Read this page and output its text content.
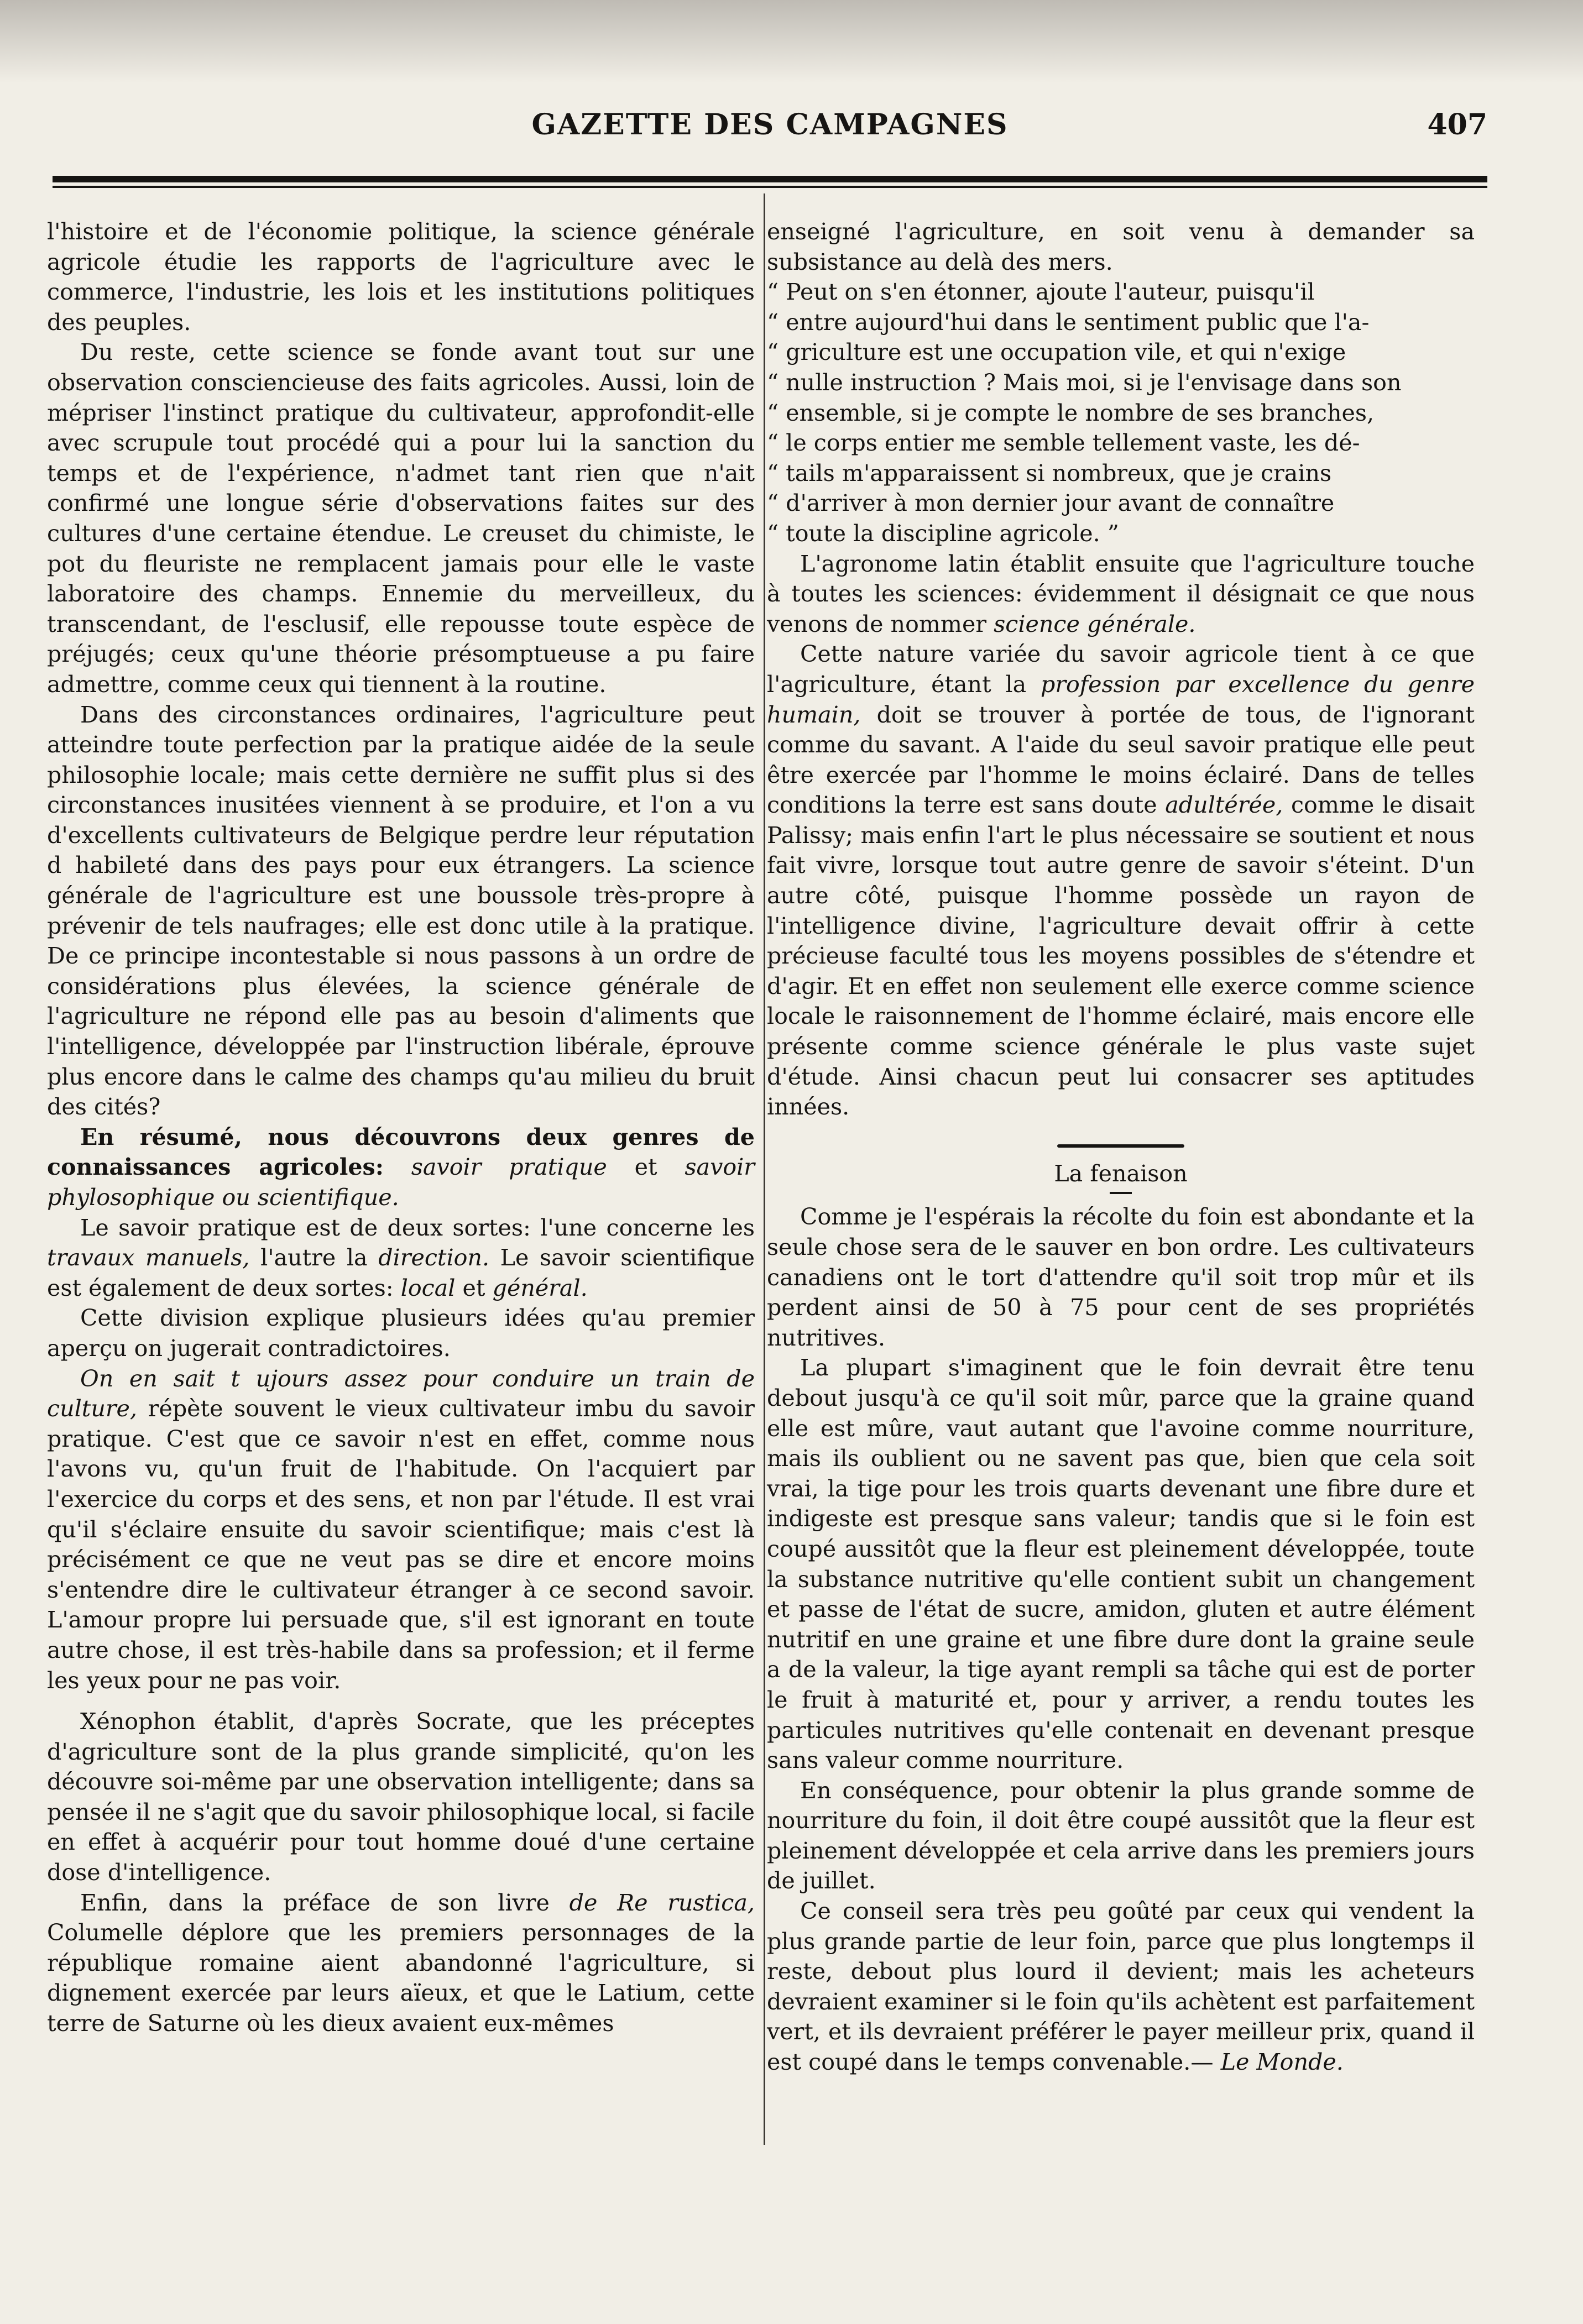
GAZETTE DES CAMPAGNES	407

l'histoire et de l'économie politique, la science générale agricole étudie les rapports de l'agriculture avec le commerce, l'industrie, les lois et les institutions politiques des peuples.

Du reste, cette science se fonde avant tout sur une observation consciencieuse des faits agricoles. Aussi, loin de mépriser l'instinct pratique du cultivateur, approfondit-elle avec scrupule tout procédé qui a pour lui la sanction du temps et de l'expérience, n'admet tant rien que n'ait confirmé une longue série d'observations faites sur des cultures d'une certaine étendue. Le creuset du chimiste, le pot du fleuriste ne remplacent jamais pour elle le vaste laboratoire des champs. Ennemie du merveilleux, du transcendant, de l'esclusif, elle repousse toute espèce de préjugés; ceux qu'une théorie présomptueuse a pu faire admettre, comme ceux qui tiennent à la routine.

Dans des circonstances ordinaires, l'agriculture peut atteindre toute perfection par la pratique aidée de la seule philosophie locale; mais cette dernière ne suffit plus si des circonstances inusitées viennent à se produire, et l'on a vu d'excellents cultivateurs de Belgique perdre leur réputation d habileté dans des pays pour eux étrangers. La science générale de l'agriculture est une boussole très-propre à prévenir de tels naufrages; elle est donc utile à la pratique. De ce principe incontestable si nous passons à un ordre de considérations plus élevées, la science générale de l'agriculture ne répond elle pas au besoin d'aliments que l'intelligence, développée par l'instruction libérale, éprouve plus encore dans le calme des champs qu'au milieu du bruit des cités?

En résumé, nous découvrons deux genres de connaissances agricoles: savoir pratique et savoir phylosophique ou scientifique.

Le savoir pratique est de deux sortes: l'une concerne les travaux manuels, l'autre la direction. Le savoir scientifique est également de deux sortes: local et général.

Cette division explique plusieurs idées qu'au premier aperçu on jugerait contradictoires.

On en sait t ujours assez pour conduire un train de culture, répète souvent le vieux cultivateur imbu du savoir pratique. C'est que ce savoir n'est en effet, comme nous l'avons vu, qu'un fruit de l'habitude. On l'acquiert par l'exercice du corps et des sens, et non par l'étude. Il est vrai qu'il s'éclaire ensuite du savoir scientifique; mais c'est là précisément ce que ne veut pas se dire et encore moins s'entendre dire le cultivateur étranger à ce second savoir. L'amour propre lui persuade que, s'il est ignorant en toute autre chose, il est très-habile dans sa profession; et il ferme les yeux pour ne pas voir.

Xénophon établit, d'après Socrate, que les préceptes d'agriculture sont de la plus grande simplicité, qu'on les découvre soi-même par une observation intelligente; dans sa pensée il ne s'agit que du savoir philosophique local, si facile en effet à acquérir pour tout homme doué d'une certaine dose d'intelligence.

Enfin, dans la préface de son livre de Re rustica, Columelle déplore que les premiers personnages de la république romaine aient abandonné l'agriculture, si dignement exercée par leurs aïeux, et que le Latium, cette terre de Saturne où les dieux avaient eux-mêmes

enseigné l'agriculture, en soit venu à demander sa subsistance au delà des mers.

“ Peut on s'en étonner, ajoute l'auteur, puisqu'il
“ entre aujourd'hui dans le sentiment public que l'a-
“ griculture est une occupation vile, et qui n'exige
“ nulle instruction ? Mais moi, si je l'envisage dans son
“ ensemble, si je compte le nombre de ses branches,
“ le corps entier me semble tellement vaste, les dé-
“ tails m'apparaissent si nombreux, que je crains
“ d'arriver à mon dernier jour avant de connaître
“ toute la discipline agricole. ”

L'agronome latin établit ensuite que l'agriculture touche à toutes les sciences: évidemment il désignait ce que nous venons de nommer science générale.

Cette nature variée du savoir agricole tient à ce que l'agriculture, étant la profession par excellence du genre humain, doit se trouver à portée de tous, de l'ignorant comme du savant. A l'aide du seul savoir pratique elle peut être exercée par l'homme le moins éclairé. Dans de telles conditions la terre est sans doute adultérée, comme le disait Palissy; mais enfin l'art le plus nécessaire se soutient et nous fait vivre, lorsque tout autre genre de savoir s'éteint. D'un autre côté, puisque l'homme possède un rayon de l'intelligence divine, l'agriculture devait offrir à cette précieuse faculté tous les moyens possibles de s'étendre et d'agir. Et en effet non seulement elle exerce comme science locale le raisonnement de l'homme éclairé, mais encore elle présente comme science générale le plus vaste sujet d'étude. Ainsi chacun peut lui consacrer ses aptitudes innées.

La fenaison

Comme je l'espérais la récolte du foin est abondante et la seule chose sera de le sauver en bon ordre. Les cultivateurs canadiens ont le tort d'attendre qu'il soit trop mûr et ils perdent ainsi de 50 à 75 pour cent de ses propriétés nutritives.

La plupart s'imaginent que le foin devrait être tenu debout jusqu'à ce qu'il soit mûr, parce que la graine quand elle est mûre, vaut autant que l'avoine comme nourriture, mais ils oublient ou ne savent pas que, bien que cela soit vrai, la tige pour les trois quarts devenant une fibre dure et indigeste est presque sans valeur; tandis que si le foin est coupé aussitôt que la fleur est pleinement développée, toute la substance nutritive qu'elle contient subit un changement et passe de l'état de sucre, amidon, gluten et autre élément nutritif en une graine et une fibre dure dont la graine seule a de la valeur, la tige ayant rempli sa tâche qui est de porter le fruit à maturité et, pour y arriver, a rendu toutes les particules nutritives qu'elle contenait en devenant presque sans valeur comme nourriture.

En conséquence, pour obtenir la plus grande somme de nourriture du foin, il doit être coupé aussitôt que la fleur est pleinement développée et cela arrive dans les premiers jours de juillet.

Ce conseil sera très peu goûté par ceux qui vendent la plus grande partie de leur foin, parce que plus longtemps il reste, debout plus lourd il devient; mais les acheteurs devraient examiner si le foin qu'ils achètent est parfaitement vert, et ils devraient préférer le payer meilleur prix, quand il est coupé dans le temps convenable.— Le Monde.
